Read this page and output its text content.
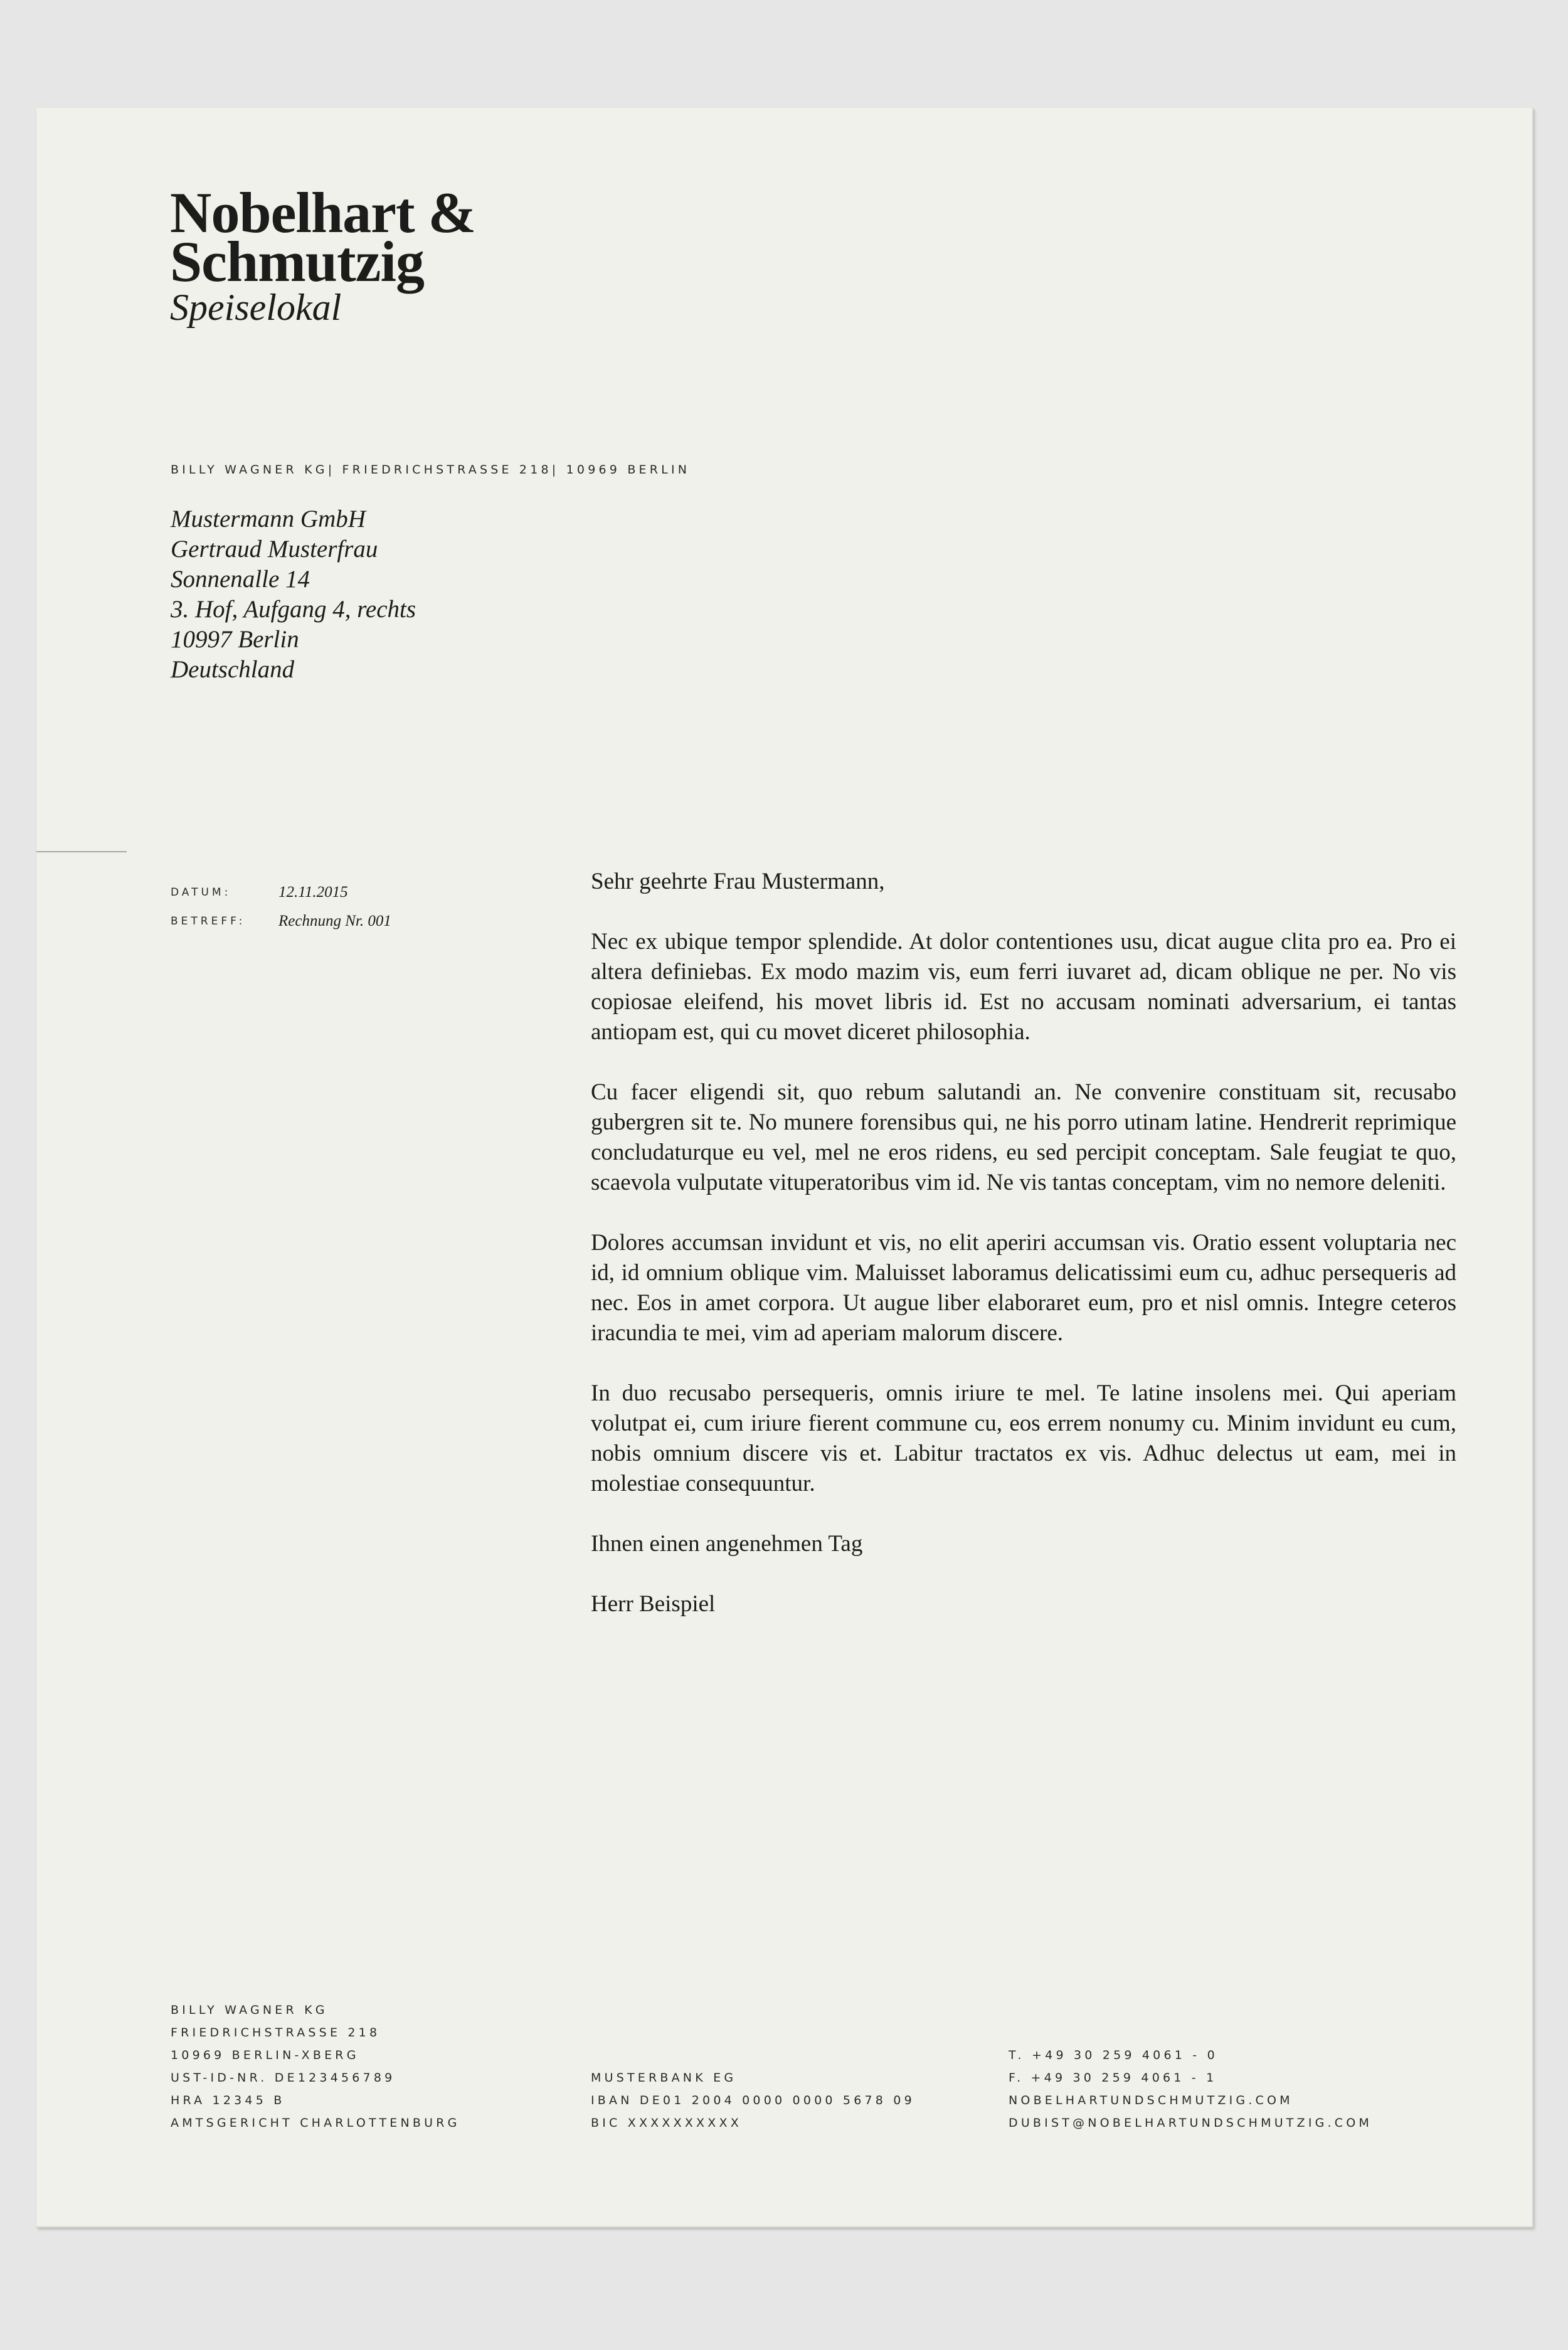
Nobelhart &
Schmutzig
Speiselokal
BILLY WAGNER KG| FRIEDRICHSTRASSE 218| 10969 BERLIN
Mustermann GmbH
Gertraud Musterfrau
Sonnenalle 14
3. Hof, Aufgang 4, rechts
10997 Berlin
Deutschland
DATUM:	12.11.2015
BETREFF:	Rechnung Nr. 001

Sehr geehrte Frau Mustermann,

Nec ex ubique tempor splendide. At dolor contentiones usu, dicat augue clita pro ea. Pro ei altera definiebas. Ex modo mazim vis, eum ferri iuvaret ad, dicam oblique ne per. No vis copiosae eleifend, his movet libris id. Est no accusam nominati adversarium, ei tantas antiopam est, qui cu movet diceret philosophia.

Cu facer eligendi sit, quo rebum salutandi an. Ne convenire constituam sit, recusabo gubergren sit te. No munere forensibus qui, ne his porro utinam latine. Hendrerit reprimique concludaturque eu vel, mel ne eros ridens, eu sed percipit conceptam. Sale feugiat te quo, scaevola vulputate vituperatoribus vim id. Ne vis tantas conceptam, vim no nemore deleniti.

Dolores accumsan invidunt et vis, no elit aperiri accumsan vis. Oratio essent voluptaria nec id, id omnium oblique vim. Maluisset laboramus delicatissimi eum cu, adhuc persequeris ad nec. Eos in amet corpora. Ut augue liber elaboraret eum, pro et nisl omnis. Integre ceteros iracundia te mei, vim ad aperiam malorum discere.

In duo recusabo persequeris, omnis iriure te mel. Te latine insolens mei. Qui aperiam volutpat ei, cum iriure fierent commune cu, eos errem nonumy cu. Minim invidunt eu cum, nobis omnium discere vis et. Labitur tractatos ex vis. Adhuc delectus ut eam, mei in molestiae consequuntur.

Ihnen einen angenehmen Tag

Herr Beispiel

BILLY WAGNER KG
FRIEDRICHSTRASSE 218
10969 BERLIN-XBERG
UST-ID-NR. DE123456789
HRA 12345 B
AMTSGERICHT CHARLOTTENBURG
MUSTERBANK EG
IBAN DE01 2004 0000 0000 5678 09
BIC XXXXXXXXXX
T. +49 30 259 4061 - 0
F. +49 30 259 4061 - 1
NOBELHARTUNDSCHMUTZIG.COM
DUBIST@NOBELHARTUNDSCHMUTZIG.COM
